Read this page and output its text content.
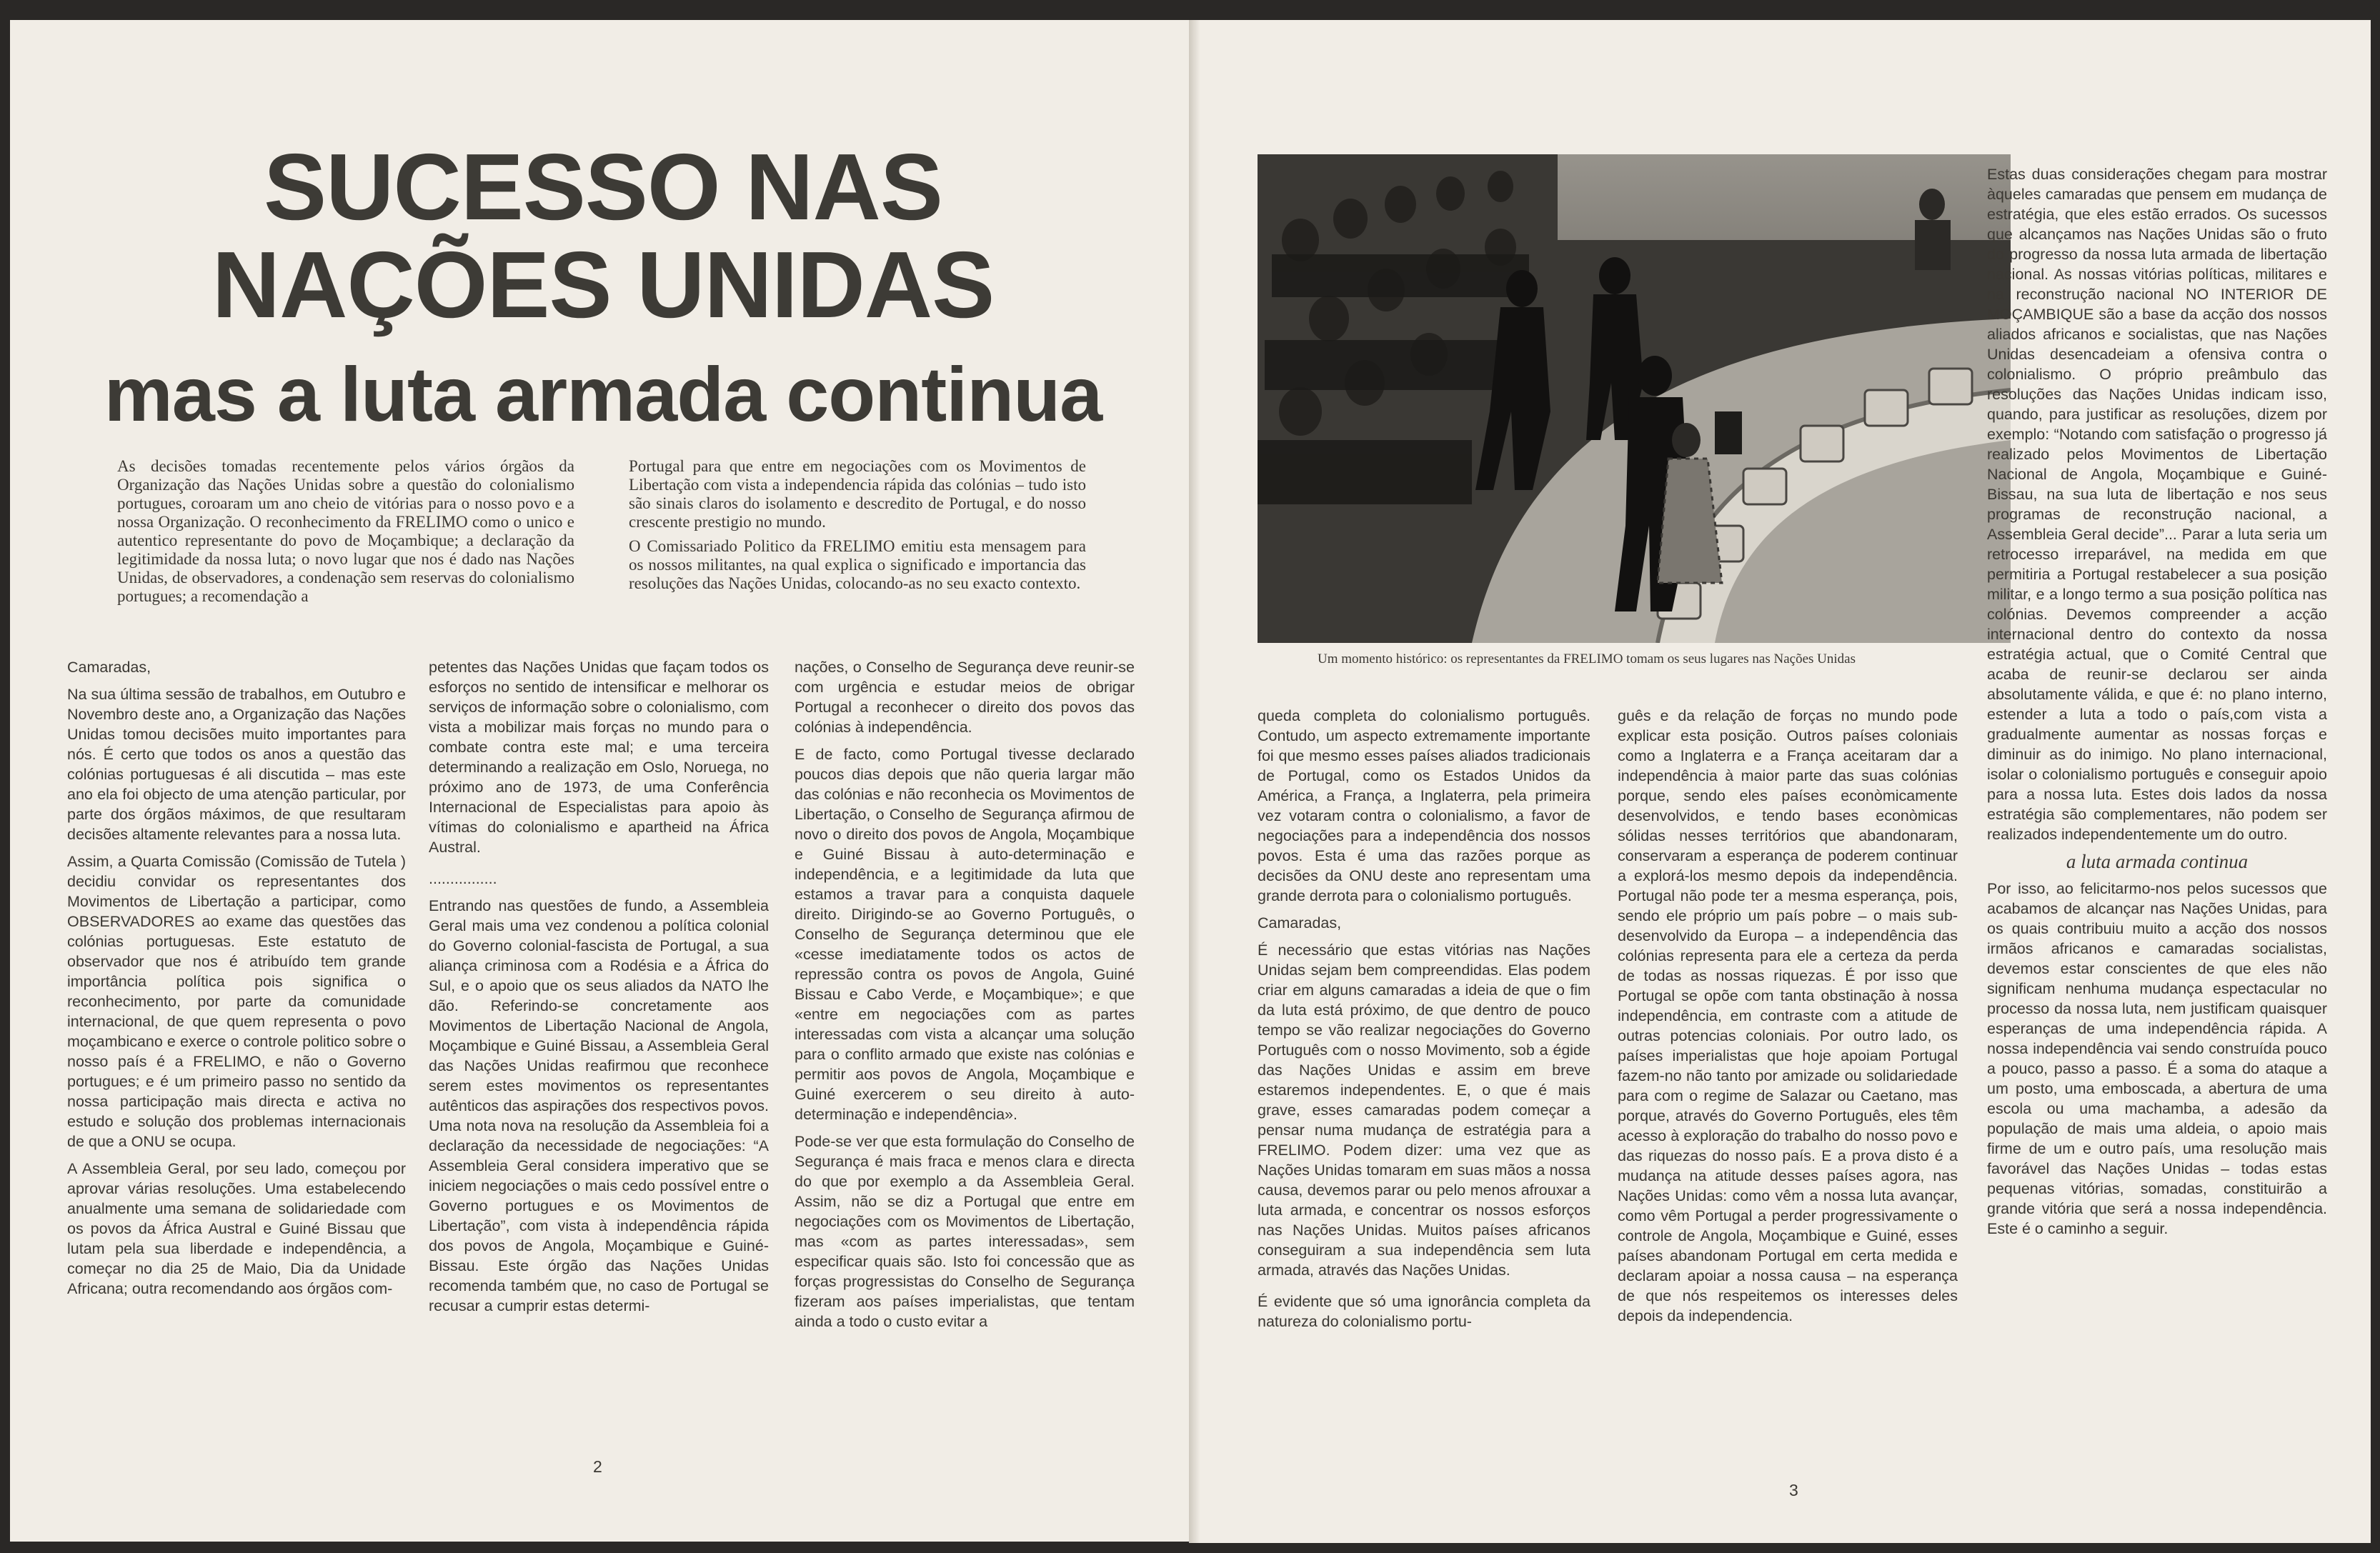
SUCESSO NAS
NAÇÕES UNIDAS
mas a luta armada continua

As decisões tomadas recentemente pelos vários órgãos da Organização das Nações Unidas sobre a questão do colonialismo portugues, coroaram um ano cheio de vitórias para o nosso povo e a nossa Organização. O reconhecimento da FRELIMO como o unico e autentico representante do povo de Moçambique; a declaração da legitimidade da nossa luta; o novo lugar que nos é dado nas Nações Unidas, de observadores, a condenação sem reservas do colonialismo portugues; a recomendação a

Portugal para que entre em negociações com os Movimentos de Libertação com vista a independencia rápida das colónias – tudo isto são sinais claros do isolamento e descredito de Portugal, e do nosso crescente prestigio no mundo.

O Comissariado Politico da FRELIMO emitiu esta mensagem para os nossos militantes, na qual explica o significado e importancia das resoluções das Nações Unidas, colocando-as no seu exacto contexto.

Camaradas,

Na sua última sessão de trabalhos, em Outubro e Novembro deste ano, a Organização das Nações Unidas tomou decisões muito importantes para nós. É certo que todos os anos a questão das colónias portuguesas é ali discutida – mas este ano ela foi objecto de uma atenção particular, por parte dos órgãos máximos, de que resultaram decisões altamente relevantes para a nossa luta.

Assim, a Quarta Comissão (Comissão de Tutela ) decidiu convidar os representantes dos Movimentos de Libertação a participar, como OBSERVADORES ao exame das questões das colónias portuguesas. Este estatuto de observador que nos é atribuído tem grande importância política pois significa o reconhecimento, por parte da comunidade internacional, de que quem representa o povo moçambicano e exerce o controle politico sobre o nosso país é a FRELIMO, e não o Governo portugues; e é um primeiro passo no sentido da nossa participação mais directa e activa no estudo e solução dos problemas internacionais de que a ONU se ocupa.

A Assembleia Geral, por seu lado, começou por aprovar várias resoluções. Uma estabelecendo anualmente uma semana de solidariedade com os povos da África Austral e Guiné Bissau que lutam pela sua liberdade e independência, a começar no dia 25 de Maio, Dia da Unidade Africana; outra recomendando aos órgãos com-

petentes das Nações Unidas que façam todos os esforços no sentido de intensificar e melhorar os serviços de informação sobre o colonialismo, com vista a mobilizar mais forças no mundo para o combate contra este mal; e uma terceira determinando a realização em Oslo, Noruega, no próximo ano de 1973, de uma Conferência Internacional de Especialistas para apoio às vítimas do colonialismo e apartheid na África Austral.

................

Entrando nas questões de fundo, a Assembleia Geral mais uma vez condenou a política colonial do Governo colonial-fascista de Portugal, a sua aliança criminosa com a Rodésia e a África do Sul, e o apoio que os seus aliados da NATO lhe dão. Referindo-se concretamente aos Movimentos de Libertação Nacional de Angola, Moçambique e Guiné Bissau, a Assembleia Geral das Nações Unidas reafirmou que reconhece serem estes movimentos os representantes autênticos das aspirações dos respectivos povos. Uma nota nova na resolução da Assembleia foi a declaração da necessidade de negociações: “A Assembleia Geral considera imperativo que se iniciem negociações o mais cedo possível entre o Governo portugues e os Movimentos de Libertação”, com vista à independência rápida dos povos de Angola, Moçambique e Guiné-Bissau. Este órgão das Nações Unidas recomenda também que, no caso de Portugal se recusar a cumprir estas determi-

nações, o Conselho de Segurança deve reunir-se com urgência e estudar meios de obrigar Portugal a reconhecer o direito dos povos das colónias à independência.

E de facto, como Portugal tivesse declarado poucos dias depois que não queria largar mão das colónias e não reconhecia os Movimentos de Libertação, o Conselho de Segurança afirmou de novo o direito dos povos de Angola, Moçambique e Guiné Bissau à auto-determinação e independência, e a legitimidade da luta que estamos a travar para a conquista daquele direito. Dirigindo-se ao Governo Português, o Conselho de Segurança determinou que ele «cesse imediatamente todos os actos de repressão contra os povos de Angola, Guiné Bissau e Cabo Verde, e Moçambique»; e que «entre em negociações com as partes interessadas com vista a alcançar uma solução para o conflito armado que existe nas colónias e permitir aos povos de Angola, Moçambique e Guiné exercerem o seu direito à auto-determinação e independência».

Pode-se ver que esta formulação do Conselho de Segurança é mais fraca e menos clara e directa do que por exemplo a da Assembleia Geral. Assim, não se diz a Portugal que entre em negociações com os Movimentos de Libertação, mas «com as partes interessadas», sem especificar quais são. Isto foi concessão que as forças progressistas do Conselho de Segurança fizeram aos países imperialistas, que tentam ainda a todo o custo evitar a

2
Um momento histórico: os representantes da FRELIMO tomam os seus lugares nas Nações Unidas

queda completa do colonialismo português. Contudo, um aspecto extremamente importante foi que mesmo esses países aliados tradicionais de Portugal, como os Estados Unidos da América, a França, a Inglaterra, pela primeira vez votaram contra o colonialismo, a favor de negociações para a independência dos nossos povos. Esta é uma das razões porque as decisões da ONU deste ano representam uma grande derrota para o colonialismo português.

Camaradas,

É necessário que estas vitórias nas Nações Unidas sejam bem compreendidas. Elas podem criar em alguns camaradas a ideia de que o fim da luta está próximo, de que dentro de pouco tempo se vão realizar negociações do Governo Português com o nosso Movimento, sob a égide das Nações Unidas e assim em breve estaremos independentes. E, o que é mais grave, esses camaradas podem começar a pensar numa mudança de estratégia para a FRELIMO. Podem dizer: uma vez que as Nações Unidas tomaram em suas mãos a nossa causa, devemos parar ou pelo menos afrouxar a luta armada, e concentrar os nossos esforços nas Nações Unidas. Muitos países africanos conseguiram a sua independência sem luta armada, através das Nações Unidas.

É evidente que só uma ignorância completa da natureza do colonialismo portu-

guês e da relação de forças no mundo pode explicar esta posição. Outros países coloniais como a Inglaterra e a França aceitaram dar a independência à maior parte das suas colónias porque, sendo eles países econòmicamente desenvolvidos, e tendo bases econòmicas sólidas nesses territórios que abandonaram, conservaram a esperança de poderem continuar a explorá-los mesmo depois da independência. Portugal não pode ter a mesma esperança, pois, sendo ele próprio um país pobre – o mais sub-desenvolvido da Europa – a independência das colónias representa para ele a certeza da perda de todas as nossas riquezas. É por isso que Portugal se opõe com tanta obstinação à nossa independência, em contraste com a atitude de outras potencias coloniais. Por outro lado, os países imperialistas que hoje apoiam Portugal fazem-no não tanto por amizade ou solidariedade para com o regime de Salazar ou Caetano, mas porque, através do Governo Português, eles têm acesso à exploração do trabalho do nosso povo e das riquezas do nosso país. E a prova disto é a mudança na atitude desses países agora, nas Nações Unidas: como vêm a nossa luta avançar, como vêm Portugal a perder progressivamente o controle de Angola, Moçambique e Guiné, esses países abandonam Portugal em certa medida e declaram apoiar a nossa causa – na esperança de que nós respeitemos os interesses deles depois da independencia.

Estas duas considerações chegam para mostrar àqueles camaradas que pensem em mudança de estratégia, que eles estão errados. Os sucessos que alcançamos nas Nações Unidas são o fruto do progresso da nossa luta armada de libertação nacional. As nossas vitórias políticas, militares e na reconstrução nacional NO INTERIOR DE MOÇAMBIQUE são a base da acção dos nossos aliados africanos e socialistas, que nas Nações Unidas desencadeiam a ofensiva contra o colonialismo. O próprio preâmbulo das resoluções das Nações Unidas indicam isso, quando, para justificar as resoluções, dizem por exemplo: “Notando com satisfação o progresso já realizado pelos Movimentos de Libertação Nacional de Angola, Moçambique e Guiné-Bissau, na sua luta de libertação e nos seus programas de reconstrução nacional, a Assembleia Geral decide”... Parar a luta seria um retrocesso irreparável, na medida em que permitiria a Portugal restabelecer a sua posição militar, e a longo termo a sua posição política nas colónias. Devemos compreender a acção internacional dentro do contexto da nossa estratégia actual, que o Comité Central que acaba de reunir-se declarou ser ainda absolutamente válida, e que é: no plano interno, estender a luta a todo o país,com vista a gradualmente aumentar as nossas forças e diminuir as do inimigo. No plano internacional, isolar o colonialismo português e conseguir apoio para a nossa luta. Estes dois lados da nossa estratégia são complementares, não podem ser realizados independentemente um do outro.

a luta armada continua

Por isso, ao felicitarmo-nos pelos sucessos que acabamos de alcançar nas Nações Unidas, para os quais contribuiu muito a acção dos nossos irmãos africanos e camaradas socialistas, devemos estar conscientes de que eles não significam nenhuma mudança espectacular no processo da nossa luta, nem justificam quaisquer esperanças de uma independência rápida. A nossa independência vai sendo construída pouco a pouco, passo a passo. É a soma do ataque a um posto, uma emboscada, a abertura de uma escola ou uma machamba, a adesão da população de mais uma aldeia, o apoio mais firme de um e outro país, uma resolução mais favorável das Nações Unidas – todas estas pequenas vitórias, somadas, constituirão a grande vitória que será a nossa independência. Este é o caminho a seguir.

3
